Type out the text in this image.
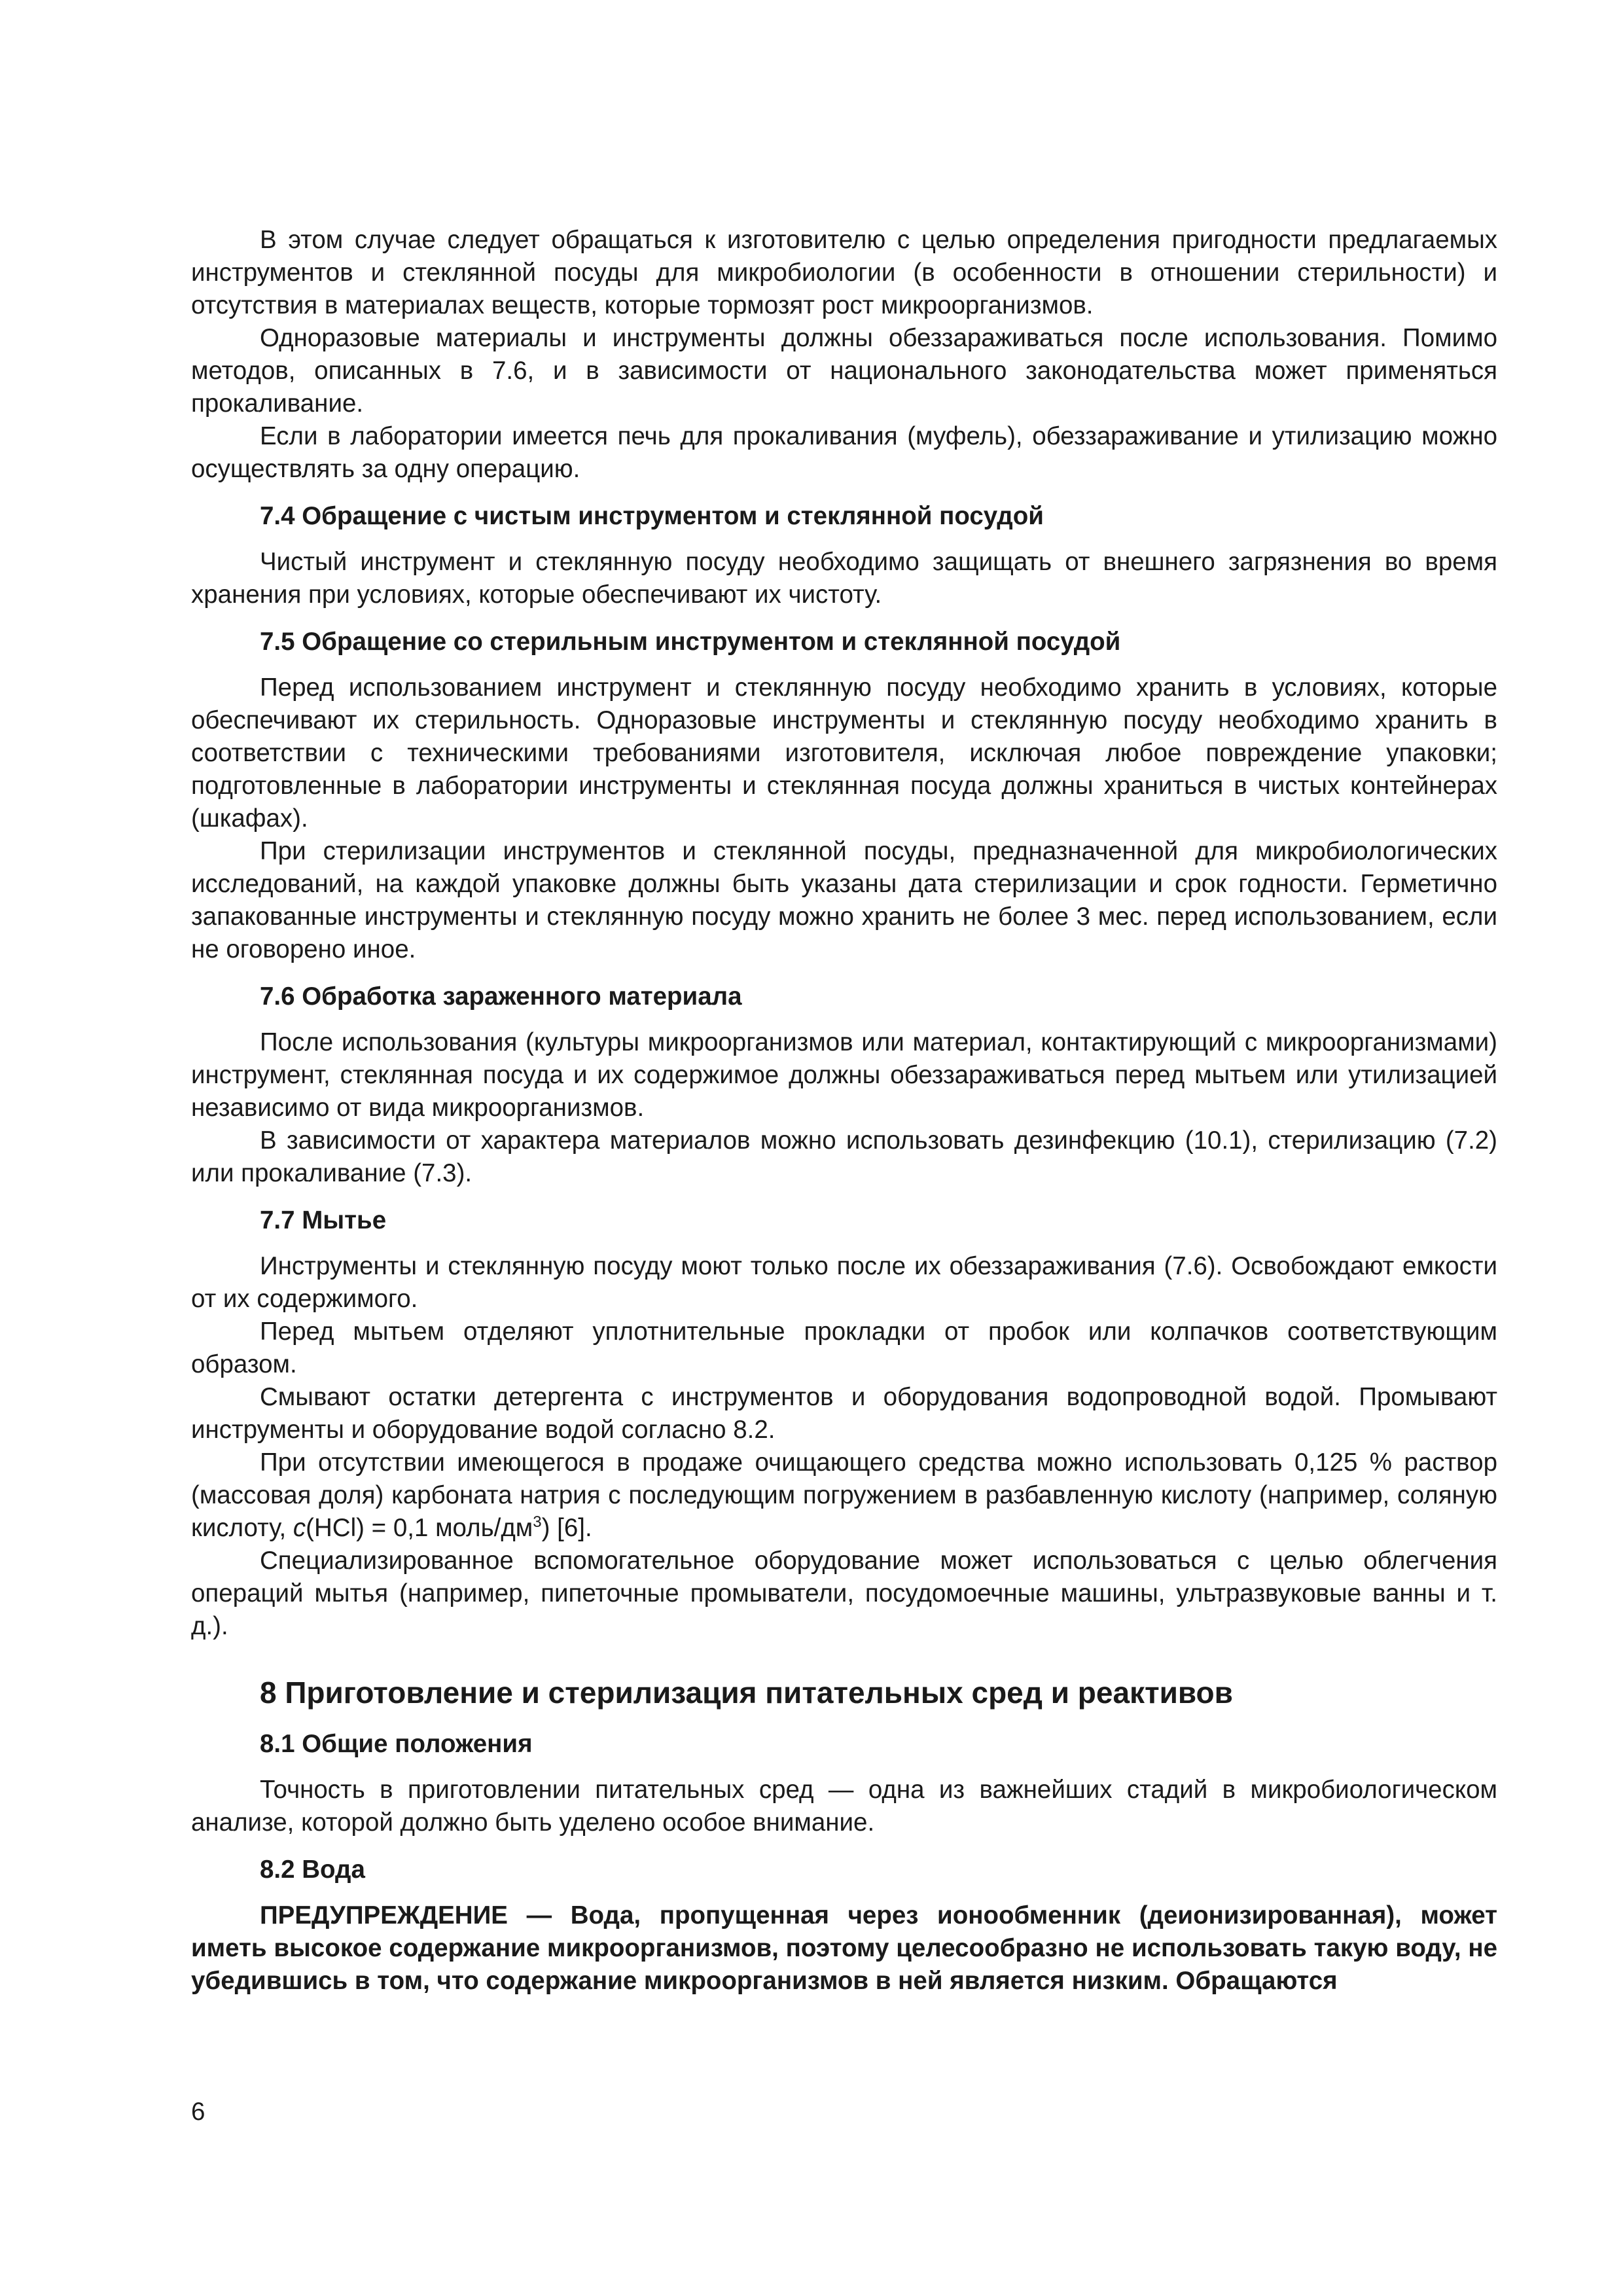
В этом случае следует обращаться к изготовителю с целью определения пригодности предлагаемых инструментов и стеклянной посуды для микробиологии (в особенности в отношении стерильности) и отсутствия в материалах веществ, которые тормозят рост микроорганизмов.

Одноразовые материалы и инструменты должны обеззараживаться после использования. Помимо методов, описанных в 7.6, и в зависимости от национального законодательства может применяться прокаливание.

Если в лаборатории имеется печь для прокаливания (муфель), обеззараживание и утилизацию можно осуществлять за одну операцию.

7.4 Обращение с чистым инструментом и стеклянной посудой

Чистый инструмент и стеклянную посуду необходимо защищать от внешнего загрязнения во время хранения при условиях, которые обеспечивают их чистоту.

7.5 Обращение со стерильным инструментом и стеклянной посудой

Перед использованием инструмент и стеклянную посуду необходимо хранить в условиях, которые обеспечивают их стерильность. Одноразовые инструменты и стеклянную посуду необходимо хранить в соответствии с техническими требованиями изготовителя, исключая любое повреждение упаковки; подготовленные в лаборатории инструменты и стеклянная посуда должны храниться в чистых контейнерах (шкафах).

При стерилизации инструментов и стеклянной посуды, предназначенной для микробиологических исследований, на каждой упаковке должны быть указаны дата стерилизации и срок годности. Герметично запакованные инструменты и стеклянную посуду можно хранить не более 3 мес. перед использованием, если не оговорено иное.

7.6 Обработка зараженного материала

После использования (культуры микроорганизмов или материал, контактирующий с микроорганизмами) инструмент, стеклянная посуда и их содержимое должны обеззараживаться перед мытьем или утилизацией независимо от вида микроорганизмов.

В зависимости от характера материалов можно использовать дезинфекцию (10.1), стерилизацию (7.2) или прокаливание (7.3).

7.7 Мытье

Инструменты и стеклянную посуду моют только после их обеззараживания (7.6). Освобождают емкости от их содержимого.

Перед мытьем отделяют уплотнительные прокладки от пробок или колпачков соответствующим образом.

Смывают остатки детергента с инструментов и оборудования водопроводной водой. Промывают инструменты и оборудование водой согласно 8.2.

При отсутствии имеющегося в продаже очищающего средства можно использовать 0,125 % раствор (массовая доля) карбоната натрия с последующим погружением в разбавленную кислоту (например, соляную кислоту, c(HCl) = 0,1 моль/$дм^3$) [6].

Специализированное вспомогательное оборудование может использоваться с целью облегчения операций мытья (например, пипеточные промыватели, посудомоечные машины, ультразвуковые ванны и т. д.).

8 Приготовление и стерилизация питательных сред и реактивов
8.1 Общие положения

Точность в приготовлении питательных сред — одна из важнейших стадий в микробиологическом анализе, которой должно быть уделено особое внимание.

8.2 Вода

ПРЕДУПРЕЖДЕНИЕ — Вода, пропущенная через ионообменник (деионизированная), может иметь высокое содержание микроорганизмов, поэтому целесообразно не использовать такую воду, не убедившись в том, что содержание микроорганизмов в ней является низким. Обращаются

6
